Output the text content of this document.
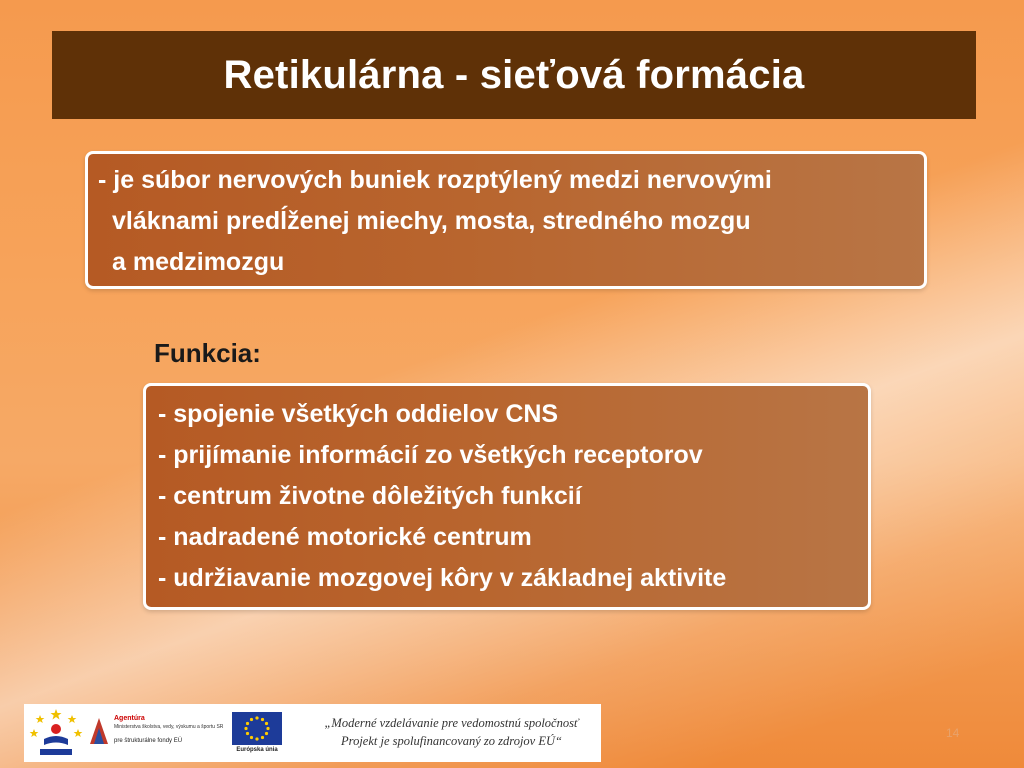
Retikulárna - sieťová formácia
- je súbor nervových buniek rozptýlený medzi nervovými
vláknami predĺženej miechy, mosta, stredného mozgu
a medzimozgu
Funkcia:
- spojenie všetkých oddielov CNS
- prijímanie informácií zo všetkých receptorov
- centrum životne dôležitých funkcií
- nadradené motorické centrum
- udržiavanie mozgovej kôry v základnej aktivite
Agentúra
Ministerstva školstva, vedy, výskumu a športu SR
pre štrukturálne fondy EÚ
Európska únia
„Moderné vzdelávanie pre vedomostnú spoločnosť
Projekt je spolufinancovaný zo zdrojov EÚ“
14
